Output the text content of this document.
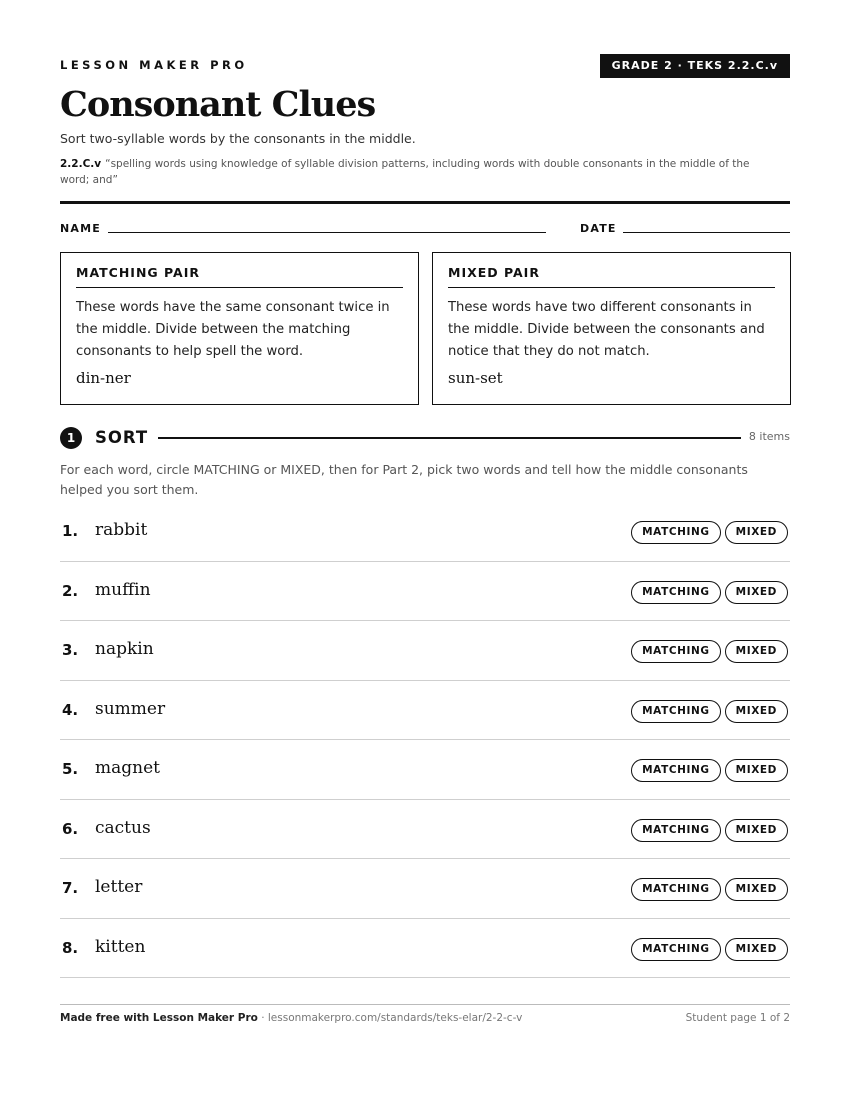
LESSON MAKER PRO	GRADE 2 · TEKS 2.2.C.v
Consonant Clues
Sort two-syllable words by the consonants in the middle.
2.2.C.v “spelling words using knowledge of syllable division patterns, including words with double consonants in the middle of the word; and”
NAME	DATE
MATCHING PAIR
These words have the same consonant twice in the middle. Divide between the matching consonants to help spell the word.
din-ner
MIXED PAIR
These words have two different consonants in the middle. Divide between the consonants and notice that they do not match.
sun-set
1	SORT	8 items
For each word, circle MATCHING or MIXED, then for Part 2, pick two words and tell how the middle consonants helped you sort them.
1. rabbit	MATCHING MIXED
2. muffin	MATCHING MIXED
3. napkin	MATCHING MIXED
4. summer	MATCHING MIXED
5. magnet	MATCHING MIXED
6. cactus	MATCHING MIXED
7. letter	MATCHING MIXED
8. kitten	MATCHING MIXED
Made free with Lesson Maker Pro · lessonmakerpro.com/standards/teks-elar/2-2-c-v	Student page 1 of 2
